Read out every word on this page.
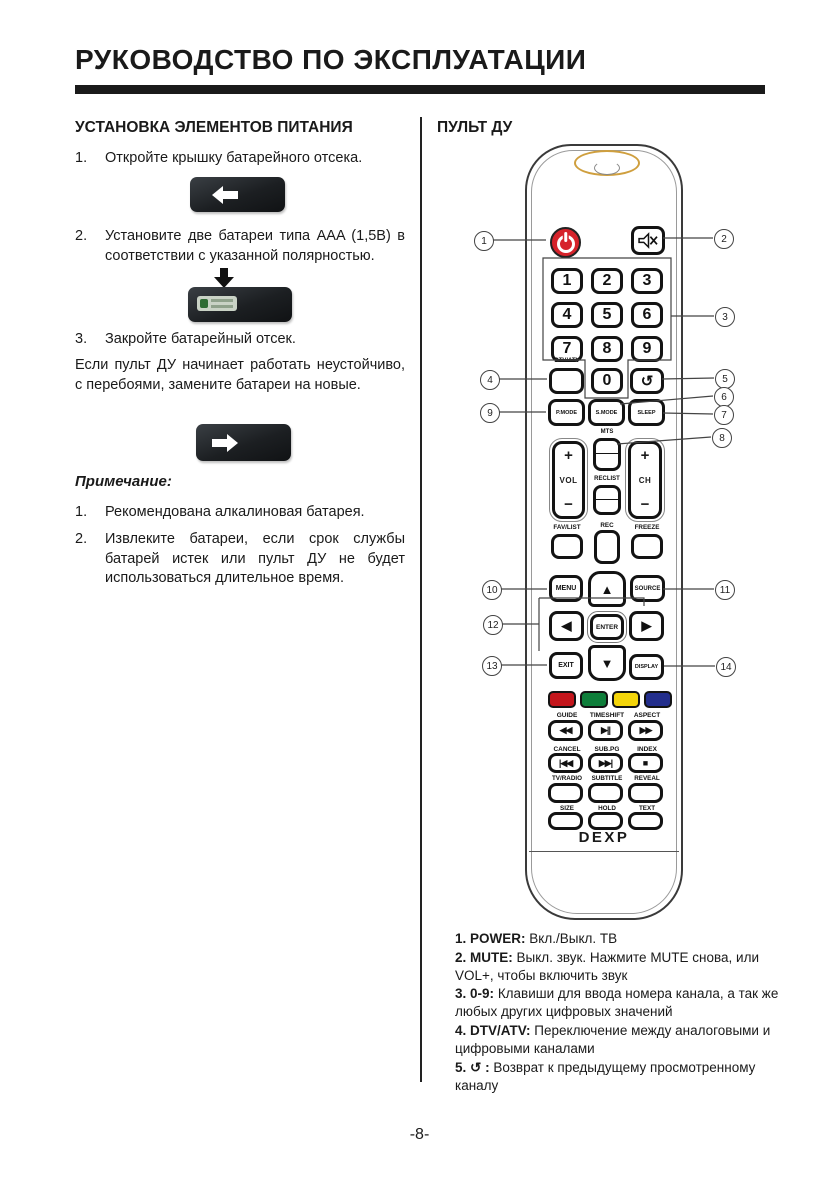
РУКОВОДСТВО ПО ЭКСПЛУАТАЦИИ
УСТАНОВКА ЭЛЕМЕНТОВ ПИТАНИЯ
1. Откройте крышку батарейного отсека.
2. Установите две батареи типа AAA (1,5В) в соответствии с указанной полярностью.
3. Закройте батарейный отсек.
Если пульт ДУ начинает работать неустойчиво, с перебоями, замените батареи на новые.
Примечание:
1. Рекомендована алкалиновая батарея.
2. Извлеките батареи, если срок службы батарей истек или пульт ДУ не будет использоваться длительное время.
ПУЛЬТ ДУ
1	2	3
4	5	6
7	8	9
DTV/ATV
0	↺
P.MODE	S.MODE	SLEEP
MTS
+
VOL
−
+
CH
−
RECLIST
FAV/LIST	REC	FREEZE
MENU	▲	SOURCE
◀	ENTER	▶
EXIT	▼	DISPLAY
GUIDE	TIMESHIFT	ASPECT
◀◀	▶||	▶▶
CANCEL	SUB.PG	INDEX
|◀◀	▶▶|	■
TV/RADIO	SUBTITLE	REVEAL
SIZE	HOLD	TEXT
DEXP
1	2
3
4	5
6
7
8
9
10	11
12
13	14

1. POWER: Вкл./Выкл. ТВ

2. MUTE: Выкл. звук. Нажмите MUTE снова, или VOL+, чтобы включить звук

3. 0-9: Клавиши для ввода номера канала, а так же любых других цифровых значений

4. DTV/ATV: Переключение между аналоговыми и цифровыми каналами

5. ↺ : Возврат к предыдущему просмотренному каналу

-8-
